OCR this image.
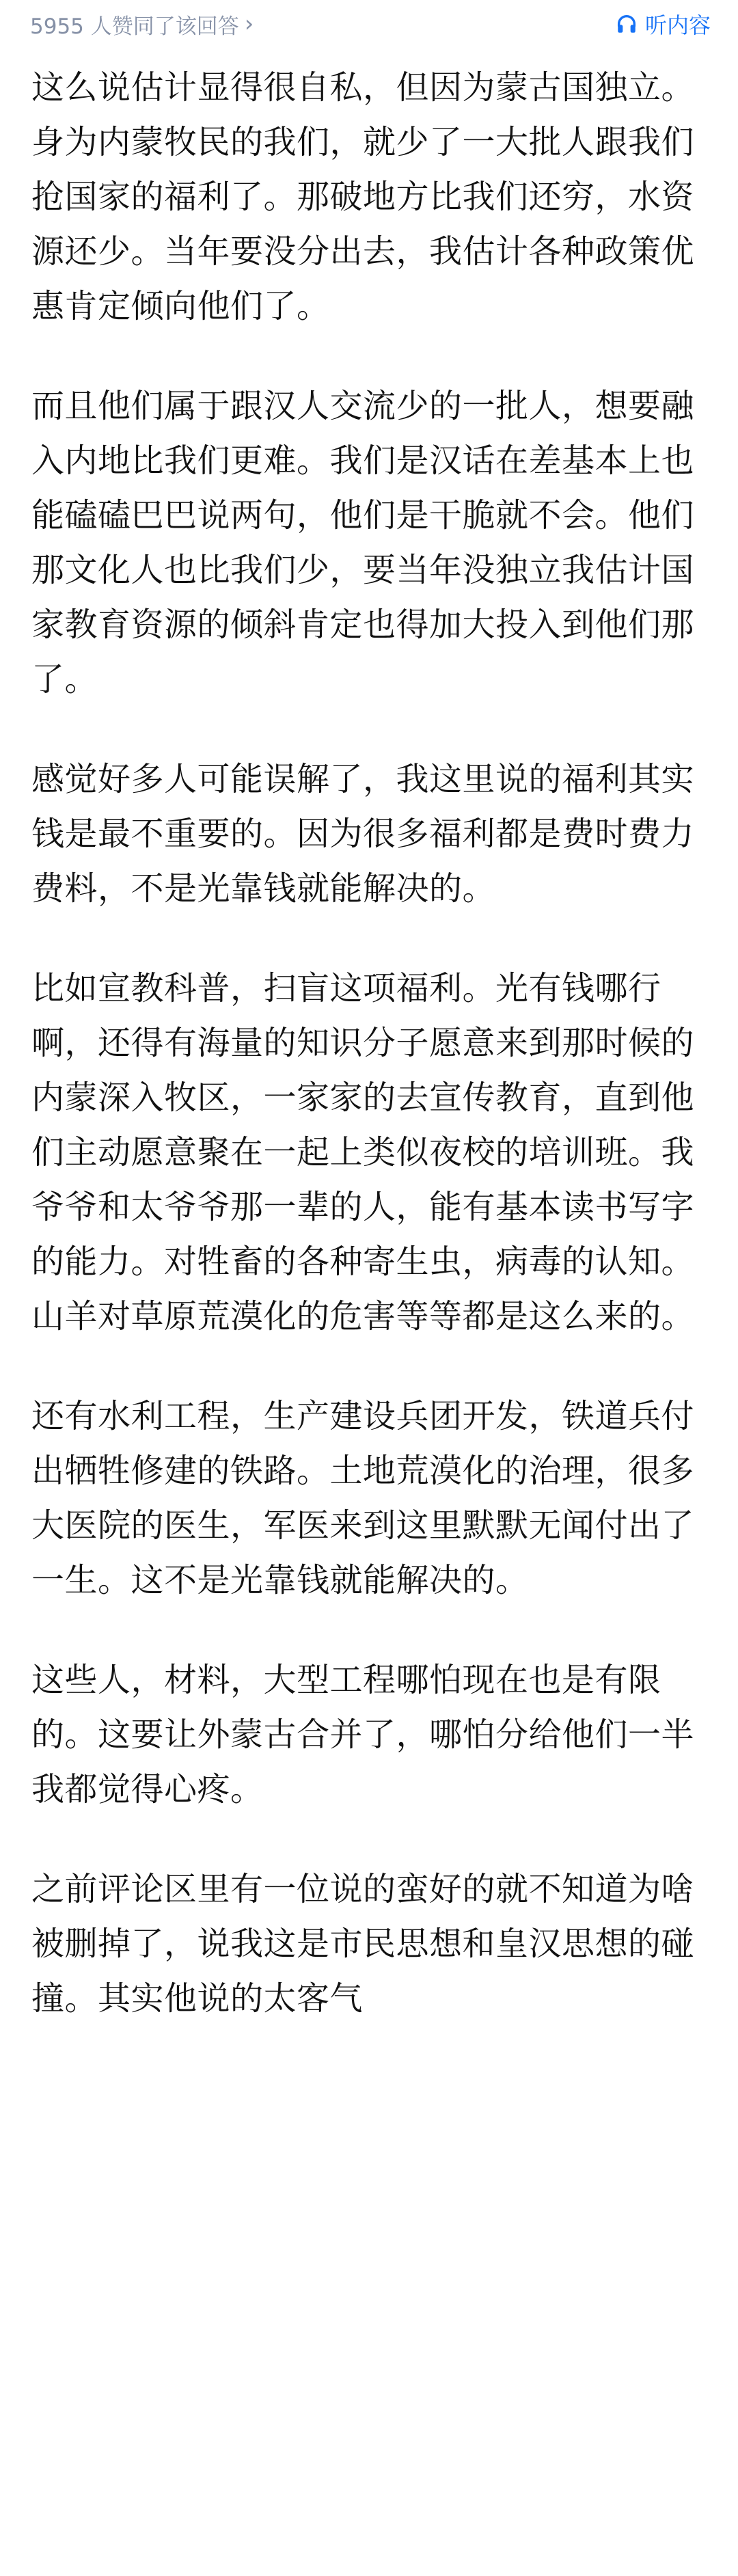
5955 人赞同了该回答 ›	听内容

这么说估计显得很自私，但因为蒙古国独立。身为内蒙牧民的我们，就少了一大批人跟我们抢国家的福利了。那破地方比我们还穷，水资源还少。当年要没分出去，我估计各种政策优惠肯定倾向他们了。

而且他们属于跟汉人交流少的一批人，想要融入内地比我们更难。我们是汉话在差基本上也能磕磕巴巴说两句，他们是干脆就不会。他们那文化人也比我们少，要当年没独立我估计国家教育资源的倾斜肯定也得加大投入到他们那了。

感觉好多人可能误解了，我这里说的福利其实钱是最不重要的。因为很多福利都是费时费力费料，不是光靠钱就能解决的。

比如宣教科普，扫盲这项福利。光有钱哪行啊，还得有海量的知识分子愿意来到那时候的内蒙深入牧区，一家家的去宣传教育，直到他们主动愿意聚在一起上类似夜校的培训班。我爷爷和太爷爷那一辈的人，能有基本读书写字的能力。对牲畜的各种寄生虫，病毒的认知。山羊对草原荒漠化的危害等等都是这么来的。

还有水利工程，生产建设兵团开发，铁道兵付出牺牲修建的铁路。土地荒漠化的治理，很多大医院的医生，军医来到这里默默无闻付出了一生。这不是光靠钱就能解决的。

这些人，材料，大型工程哪怕现在也是有限的。这要让外蒙古合并了，哪怕分给他们一半我都觉得心疼。

之前评论区里有一位说的蛮好的就不知道为啥被删掉了，说我这是市民思想和皇汉思想的碰撞。其实他说的太客气
